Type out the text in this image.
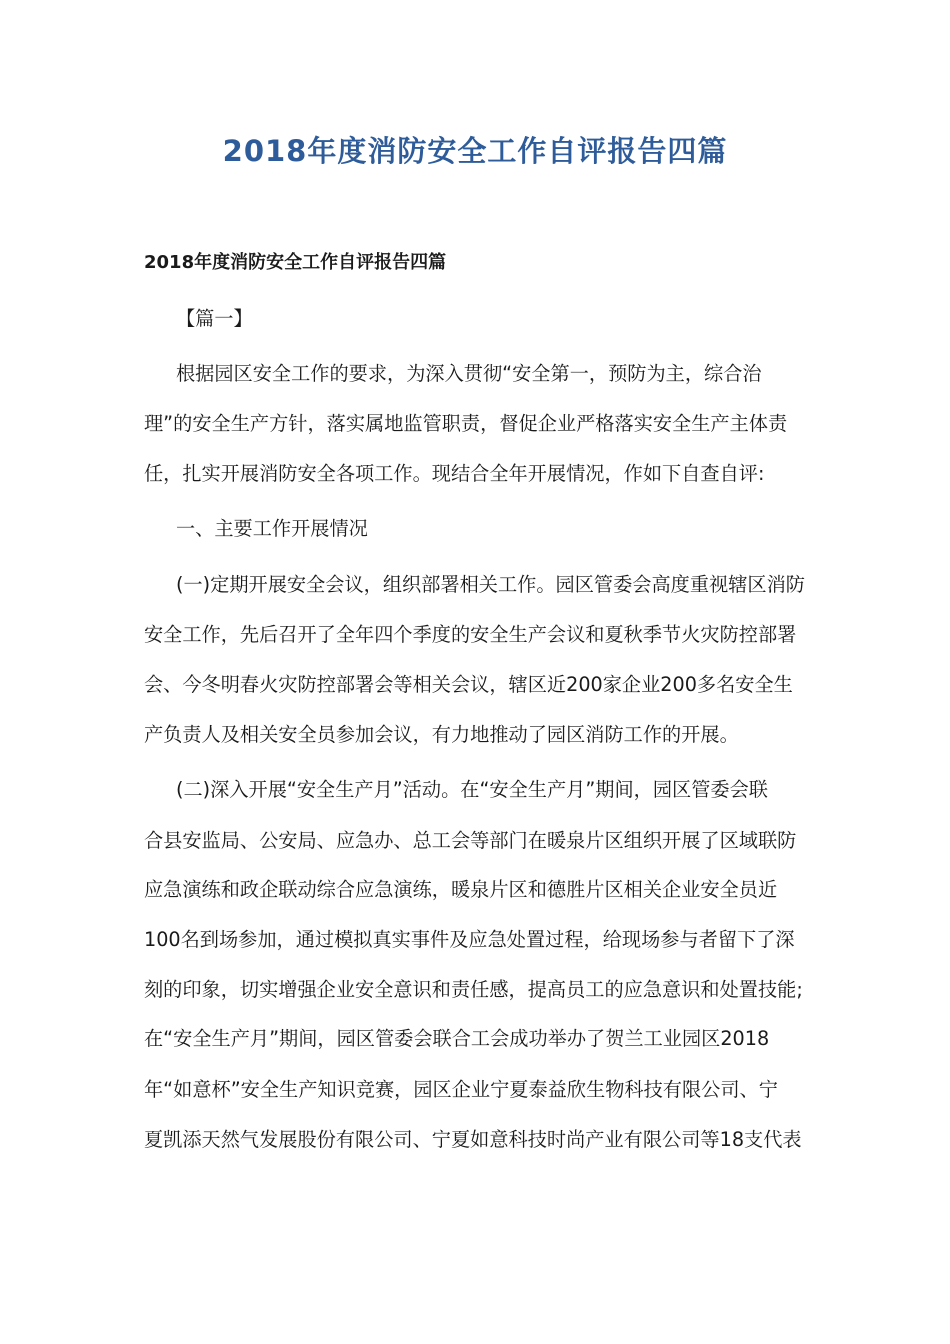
2018年度消防安全工作自评报告四篇
2018年度消防安全工作自评报告四篇
【篇一】
根据园区安全工作的要求，为深入贯彻“安全第一，预防为主，综合治
理”的安全生产方针，落实属地监管职责，督促企业严格落实安全生产主体责
任，扎实开展消防安全各项工作。现结合全年开展情况，作如下自查自评:
一、主要工作开展情况
(一)定期开展安全会议，组织部署相关工作。园区管委会高度重视辖区消防
安全工作，先后召开了全年四个季度的安全生产会议和夏秋季节火灾防控部署
会、今冬明春火灾防控部署会等相关会议，辖区近200家企业200多名安全生
产负责人及相关安全员参加会议，有力地推动了园区消防工作的开展。
(二)深入开展“安全生产月”活动。在“安全生产月”期间，园区管委会联
合县安监局、公安局、应急办、总工会等部门在暖泉片区组织开展了区域联防
应急演练和政企联动综合应急演练，暖泉片区和德胜片区相关企业安全员近
100名到场参加，通过模拟真实事件及应急处置过程，给现场参与者留下了深
刻的印象，切实增强企业安全意识和责任感，提高员工的应急意识和处置技能;
在“安全生产月”期间，园区管委会联合工会成功举办了贺兰工业园区2018
年“如意杯”安全生产知识竞赛，园区企业宁夏泰益欣生物科技有限公司、宁
夏凯添天然气发展股份有限公司、宁夏如意科技时尚产业有限公司等18支代表
